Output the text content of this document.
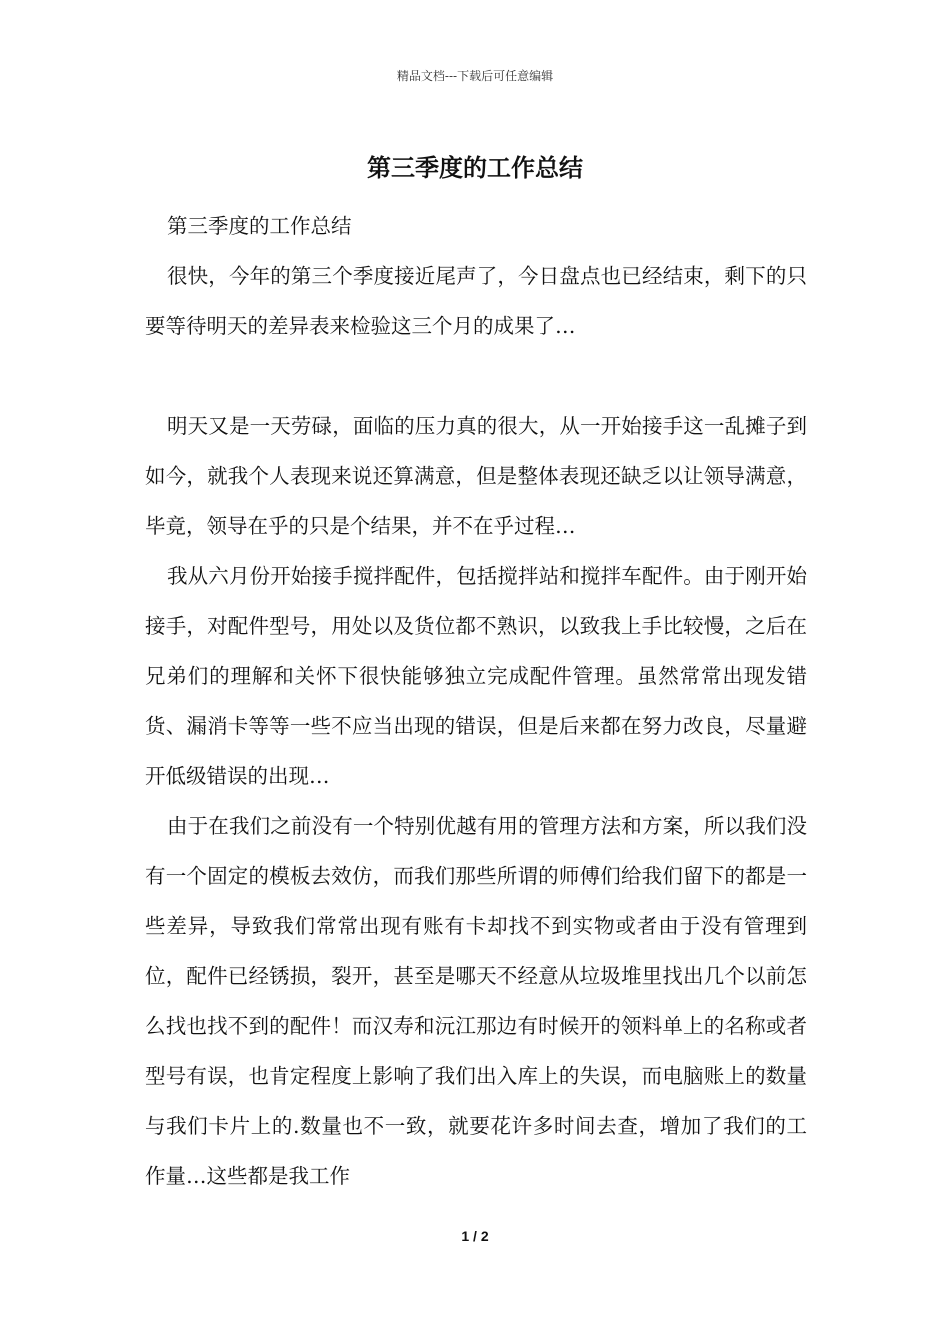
精品文档---下载后可任意编辑
第三季度的工作总结

第三季度的工作总结

很快，今年的第三个季度接近尾声了，今日盘点也已经结束，剩下的只要等待明天的差异表来检验这三个月的成果了…

明天又是一天劳碌，面临的压力真的很大，从一开始接手这一乱摊子到如今，就我个人表现来说还算满意，但是整体表现还缺乏以让领导满意，毕竟，领导在乎的只是个结果，并不在乎过程…

我从六月份开始接手搅拌配件，包括搅拌站和搅拌车配件。由于刚开始接手，对配件型号，用处以及货位都不熟识，以致我上手比较慢，之后在兄弟们的理解和关怀下很快能够独立完成配件管理。虽然常常出现发错货、漏消卡等等一些不应当出现的错误，但是后来都在努力改良，尽量避开低级错误的出现…

由于在我们之前没有一个特别优越有用的管理方法和方案，所以我们没有一个固定的模板去效仿，而我们那些所谓的师傅们给我们留下的都是一些差异，导致我们常常出现有账有卡却找不到实物或者由于没有管理到位，配件已经锈损，裂开，甚至是哪天不经意从垃圾堆里找出几个以前怎么找也找不到的配件！而汉寿和沅江那边有时候开的领料单上的名称或者型号有误，也肯定程度上影响了我们出入库上的失误，而电脑账上的数量与我们卡片上的.数量也不一致，就要花许多时间去查，增加了我们的工作量…这些都是我工作

1 / 2
